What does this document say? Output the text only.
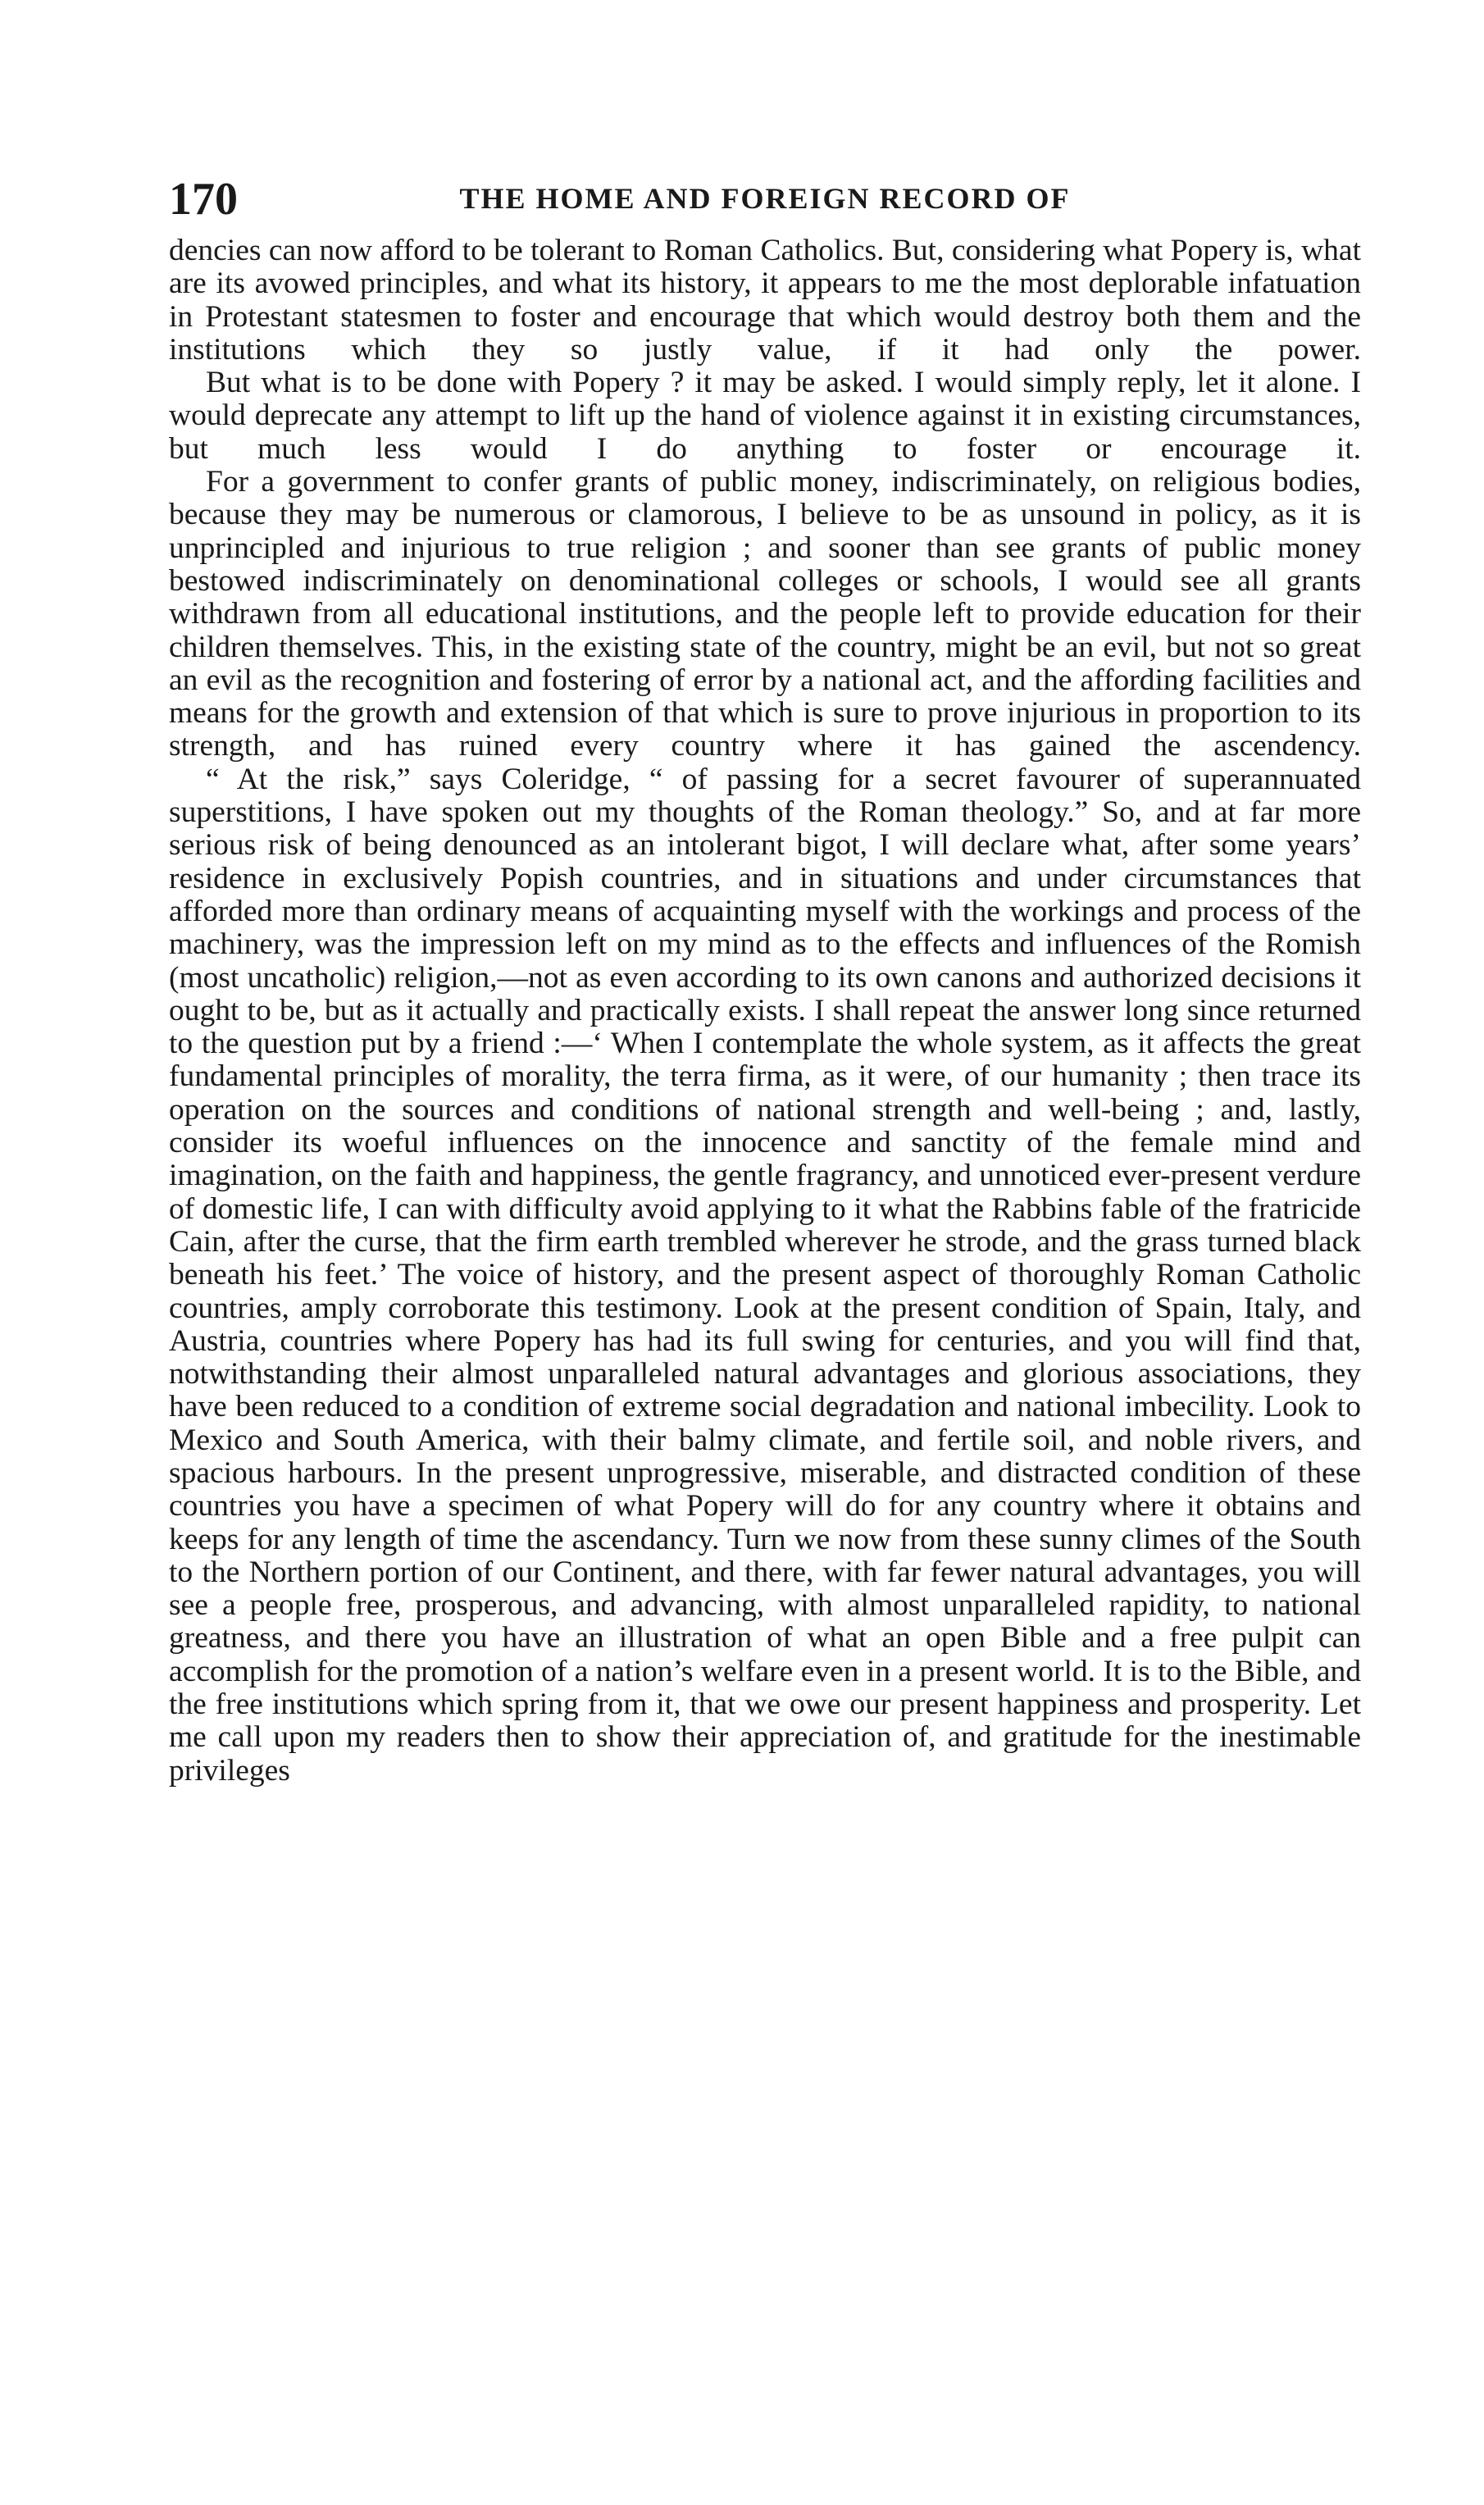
170	THE HOME AND FOREIGN RECORD OF

dencies can now afford to be tolerant to Roman Catholics. But, considering what Popery is, what are its avowed principles, and what its history, it appears to me the most deplorable infatuation in Protestant statesmen to foster and encourage that which would destroy both them and the institutions which they so justly value, if it had only the power.

But what is to be done with Popery ? it may be asked. I would simply reply, let it alone. I would deprecate any attempt to lift up the hand of violence against it in existing circumstances, but much less would I do anything to foster or encourage it.

For a government to confer grants of public money, indiscriminately, on religious bodies, because they may be numerous or clamorous, I believe to be as unsound in policy, as it is unprincipled and injurious to true religion ; and sooner than see grants of public money bestowed indiscriminately on denominational colleges or schools, I would see all grants withdrawn from all educational institutions, and the people left to provide education for their children themselves. This, in the existing state of the country, might be an evil, but not so great an evil as the recognition and fostering of error by a national act, and the affording facilities and means for the growth and extension of that which is sure to prove injurious in proportion to its strength, and has ruined every country where it has gained the ascendency.

“ At the risk,” says Coleridge, “ of passing for a secret favourer of superannuated superstitions, I have spoken out my thoughts of the Roman theology.” So, and at far more serious risk of being denounced as an intolerant bigot, I will declare what, after some years’ residence in exclusively Popish countries, and in situations and under circumstances that afforded more than ordinary means of acquainting myself with the workings and process of the machinery, was the impression left on my mind as to the effects and influences of the Romish (most uncatholic) religion,—not as even according to its own canons and authorized decisions it ought to be, but as it actually and practically exists. I shall repeat the answer long since returned to the question put by a friend :—‘ When I contemplate the whole system, as it affects the great fundamental principles of morality, the terra firma, as it were, of our humanity ; then trace its operation on the sources and conditions of national strength and well-being ; and, lastly, consider its woeful influences on the innocence and sanctity of the female mind and imagination, on the faith and happiness, the gentle fragrancy, and unnoticed ever-present verdure of domestic life, I can with difficulty avoid applying to it what the Rabbins fable of the fratricide Cain, after the curse, that the firm earth trembled wherever he strode, and the grass turned black beneath his feet.’ The voice of history, and the present aspect of thoroughly Roman Catholic countries, amply corroborate this testimony. Look at the present condition of Spain, Italy, and Austria, countries where Popery has had its full swing for centuries, and you will find that, notwithstanding their almost unparalleled natural advantages and glorious associations, they have been reduced to a condition of extreme social degradation and national imbecility. Look to Mexico and South America, with their balmy climate, and fertile soil, and noble rivers, and spacious harbours. In the present unprogressive, miserable, and distracted condition of these countries you have a specimen of what Popery will do for any country where it obtains and keeps for any length of time the ascendancy. Turn we now from these sunny climes of the South to the Northern portion of our Continent, and there, with far fewer natural advantages, you will see a people free, prosperous, and advancing, with almost unparalleled rapidity, to national greatness, and there you have an illustration of what an open Bible and a free pulpit can accomplish for the promotion of a nation’s welfare even in a present world. It is to the Bible, and the free institutions which spring from it, that we owe our present happiness and prosperity. Let me call upon my readers then to show their appreciation of, and gratitude for the inestimable privileges
